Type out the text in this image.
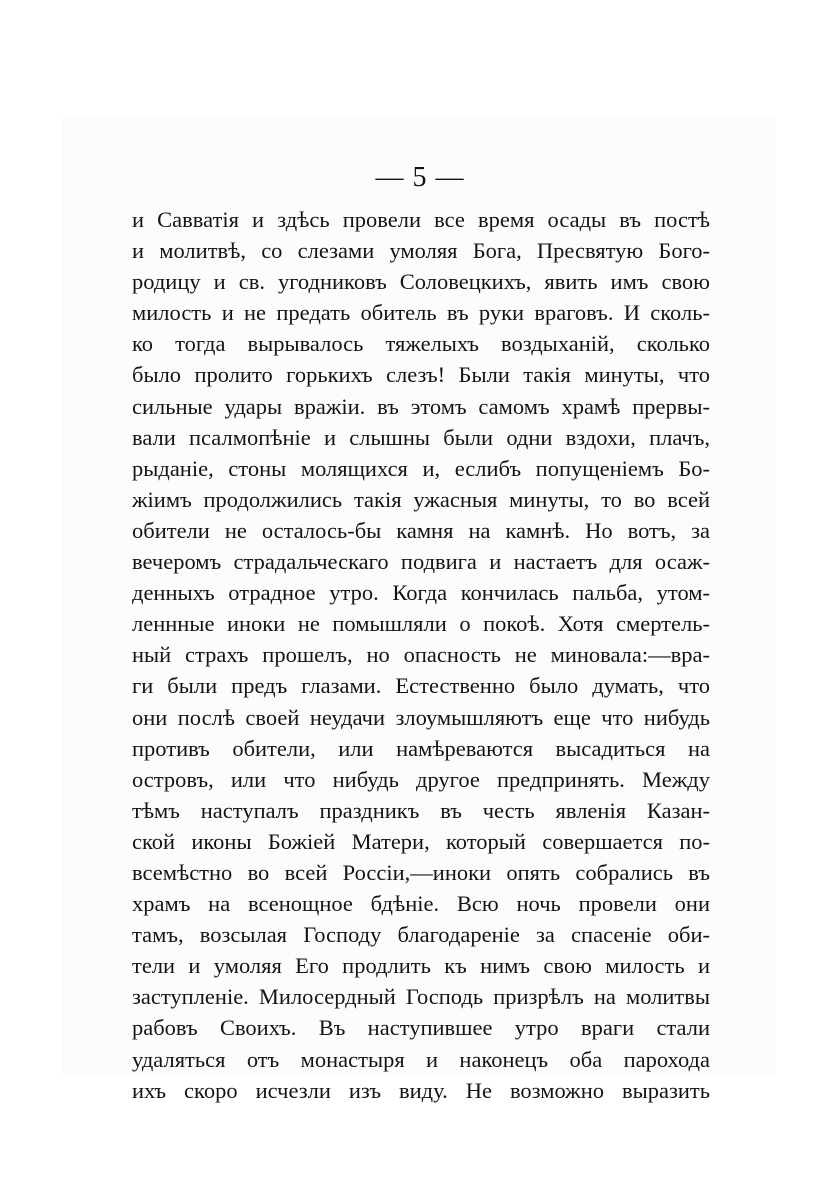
— 5 —
и Савватія и здѣсь провели все время осады въ постѣ
и молитвѣ, со слезами умоляя Бога, Пресвятую Бого-
родицу и св. угодниковъ Соловецкихъ, явить имъ свою
милость и не предать обитель въ руки враговъ. И сколь-
ко тогда вырывалось тяжелыхъ воздыханій, сколько
было пролито горькихъ слезъ! Были такія минуты, что
сильные удары вражіи. въ этомъ самомъ храмѣ прервы-
вали псалмопѣніе и слышны были одни вздохи, плачъ,
рыданіе, стоны молящихся и, еслибъ попущеніемъ Бо-
жіимъ продолжились такія ужасныя минуты, то во всей
обители не осталось-бы камня на камнѣ. Но вотъ, за
вечеромъ страдальческаго подвига и настаетъ для осаж-
денныхъ отрадное утро. Когда кончилась пальба, утом-
леннные иноки не помышляли о покоѣ. Хотя смертель-
ный страхъ прошелъ, но опасность не миновала:—вра-
ги были предъ глазами. Естественно было думать, что
они послѣ своей неудачи злоумышляютъ еще что нибудь
противъ обители, или намѣреваются высадиться на
островъ, или что нибудь другое предпринять. Между
тѣмъ наступалъ праздникъ въ честь явленія Казан-
ской иконы Божіей Матери, который совершается по-
всемѣстно во всей Россіи,—иноки опять собрались въ
храмъ на всенощное бдѣніе. Всю ночь провели они
тамъ, возсылая Господу благодареніе за спасеніе оби-
тели и умоляя Его продлить къ нимъ свою милость и
заступленіе. Милосердный Господь призрѣлъ на молитвы
рабовъ Своихъ. Въ наступившее утро враги стали
удаляться отъ монастыря и наконецъ оба парохода
ихъ скоро исчезли изъ виду. Не возможно выразить
